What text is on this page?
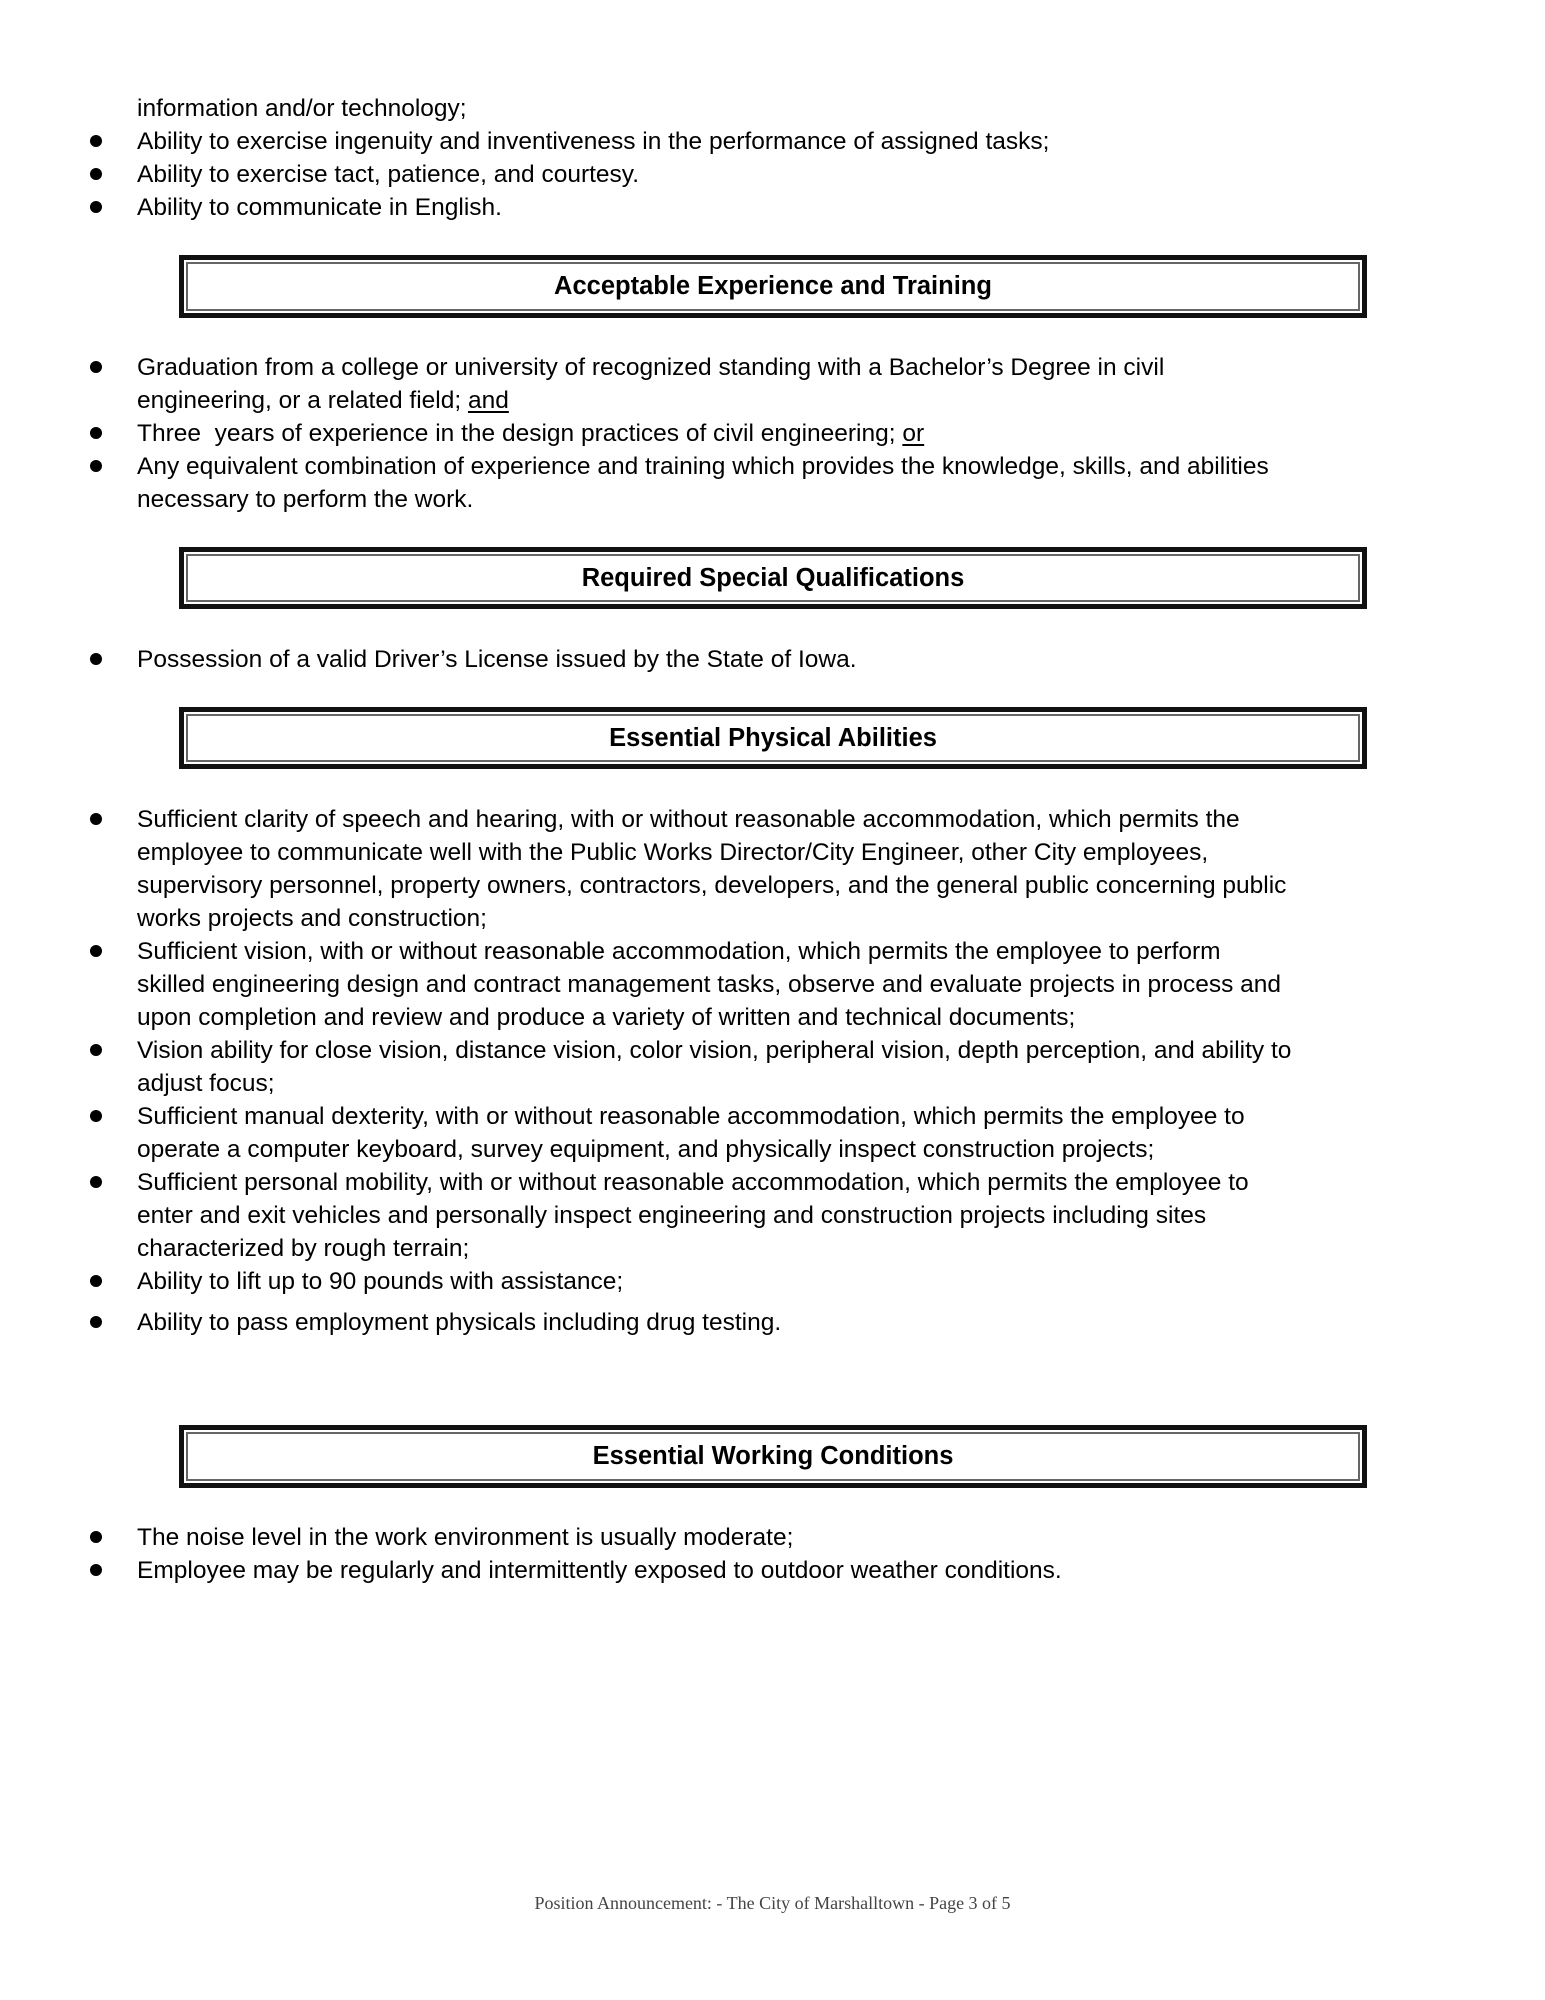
information and/or technology;
Ability to exercise ingenuity and inventiveness in the performance of assigned tasks;
Ability to exercise tact, patience, and courtesy.
Ability to communicate in English.
Acceptable Experience and Training
Graduation from a college or university of recognized standing with a Bachelor’s Degree in civil
engineering, or a related field; and
Three  years of experience in the design practices of civil engineering; or
Any equivalent combination of experience and training which provides the knowledge, skills, and abilities
necessary to perform the work.
Required Special Qualifications
Possession of a valid Driver’s License issued by the State of Iowa.
Essential Physical Abilities
Sufficient clarity of speech and hearing, with or without reasonable accommodation, which permits the
employee to communicate well with the Public Works Director/City Engineer, other City employees,
supervisory personnel, property owners, contractors, developers, and the general public concerning public
works projects and construction;
Sufficient vision, with or without reasonable accommodation, which permits the employee to perform
skilled engineering design and contract management tasks, observe and evaluate projects in process and
upon completion and review and produce a variety of written and technical documents;
Vision ability for close vision, distance vision, color vision, peripheral vision, depth perception, and ability to
adjust focus;
Sufficient manual dexterity, with or without reasonable accommodation, which permits the employee to
operate a computer keyboard, survey equipment, and physically inspect construction projects;
Sufficient personal mobility, with or without reasonable accommodation, which permits the employee to
enter and exit vehicles and personally inspect engineering and construction projects including sites
characterized by rough terrain;
Ability to lift up to 90 pounds with assistance;
Ability to pass employment physicals including drug testing.
Essential Working Conditions
The noise level in the work environment is usually moderate;
Employee may be regularly and intermittently exposed to outdoor weather conditions.
Position Announcement: - The City of Marshalltown - Page 3 of 5
